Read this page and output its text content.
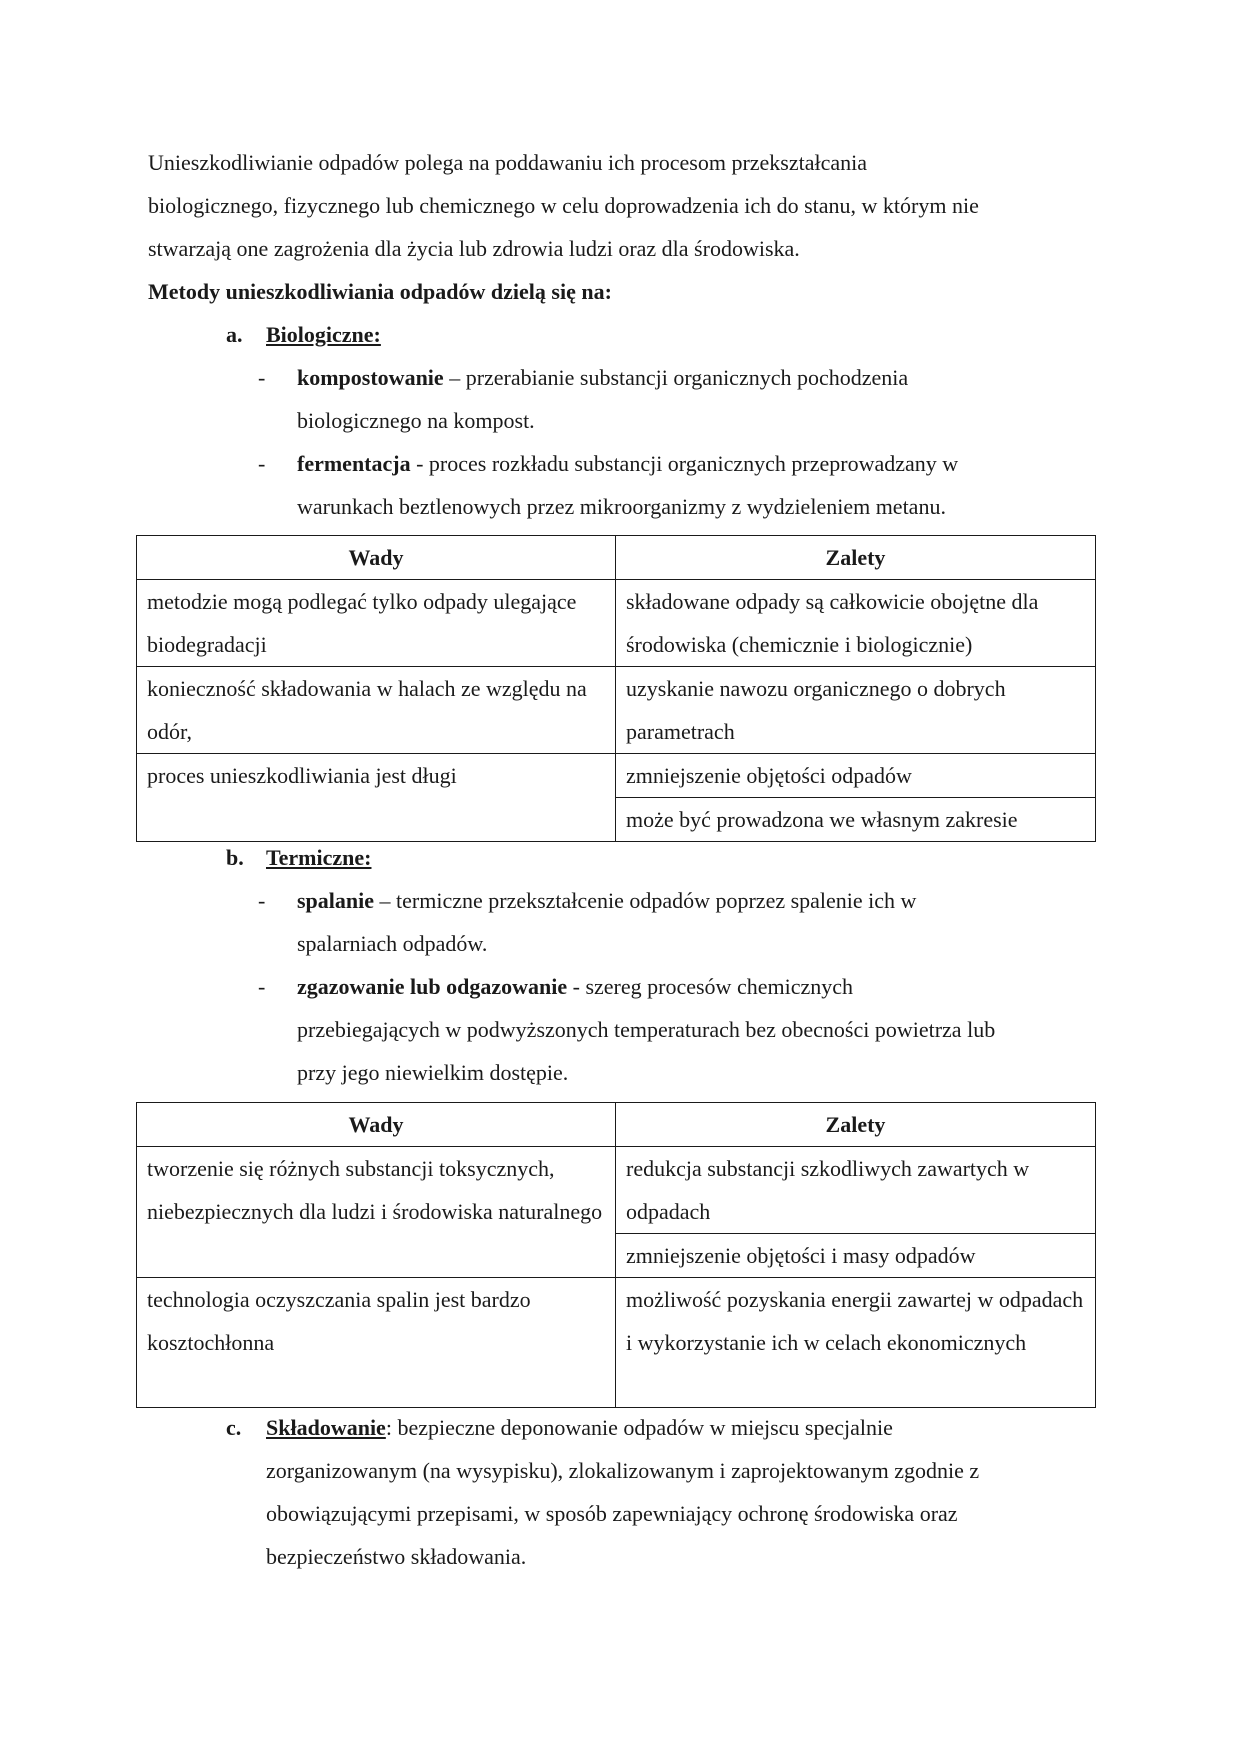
Unieszkodliwianie odpadów polega na poddawaniu ich procesom przekształcania
biologicznego, fizycznego lub chemicznego w celu doprowadzenia ich do stanu, w którym nie
stwarzają one zagrożenia dla życia lub zdrowia ludzi oraz dla środowiska.
Metody unieszkodliwiania odpadów dzielą się na:
a. Biologiczne:
- kompostowanie – przerabianie substancji organicznych pochodzenia
biologicznego na kompost.
- fermentacja - proces rozkładu substancji organicznych przeprowadzany w
warunkach beztlenowych przez mikroorganizmy z wydzieleniem metanu.
Wady	Zalety
metodzie mogą podlegać tylko odpady ulegające biodegradacji	składowane odpady są całkowicie obojętne dla środowiska (chemicznie i biologicznie)
konieczność składowania w halach ze względu na odór,	uzyskanie nawozu organicznego o dobrych parametrach
proces unieszkodliwiania jest długi	zmniejszenie objętości odpadów
	może być prowadzona we własnym zakresie
b. Termiczne:
- spalanie – termiczne przekształcenie odpadów poprzez spalenie ich w
spalarniach odpadów.
- zgazowanie lub odgazowanie - szereg procesów chemicznych
przebiegających w podwyższonych temperaturach bez obecności powietrza lub
przy jego niewielkim dostępie.
Wady	Zalety
tworzenie się różnych substancji toksycznych, niebezpiecznych dla ludzi i środowiska naturalnego	redukcja substancji szkodliwych zawartych w odpadach
	zmniejszenie objętości i masy odpadów
technologia oczyszczania spalin jest bardzo kosztochłonna	możliwość pozyskania energii zawartej w odpadach i wykorzystanie ich w celach ekonomicznych
c. Składowanie: bezpieczne deponowanie odpadów w miejscu specjalnie
zorganizowanym (na wysypisku), zlokalizowanym i zaprojektowanym zgodnie z
obowiązującymi przepisami, w sposób zapewniający ochronę środowiska oraz
bezpieczeństwo składowania.
